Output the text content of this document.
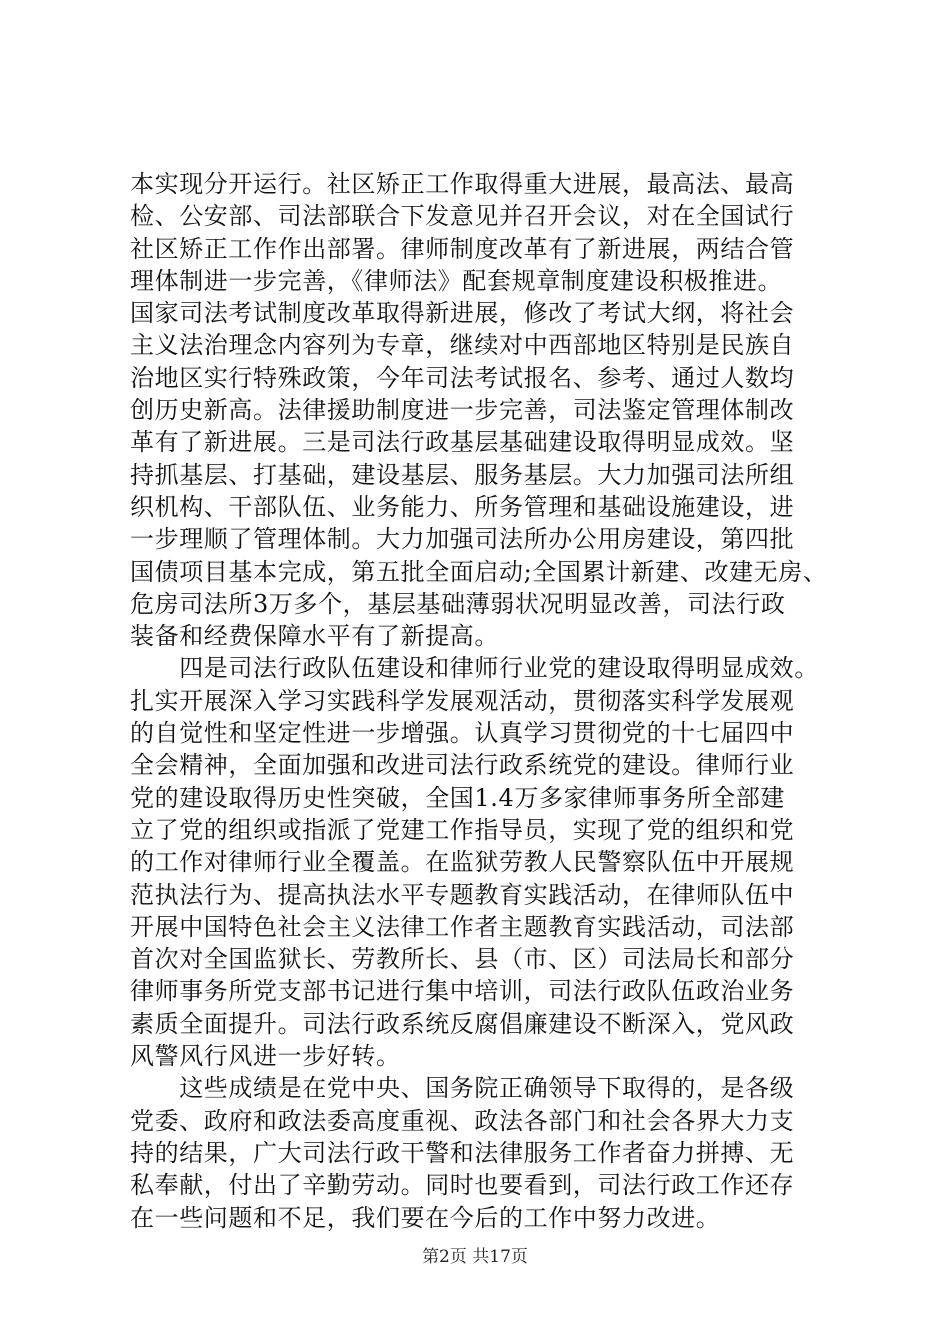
本实现分开运行。社区矫正工作取得重大进展，最高法、最高
检、公安部、司法部联合下发意见并召开会议，对在全国试行
社区矫正工作作出部署。律师制度改革有了新进展，两结合管
理体制进一步完善，《律师法》配套规章制度建设积极推进。
国家司法考试制度改革取得新进展，修改了考试大纲，将社会
主义法治理念内容列为专章，继续对中西部地区特别是民族自
治地区实行特殊政策，今年司法考试报名、参考、通过人数均
创历史新高。法律援助制度进一步完善，司法鉴定管理体制改
革有了新进展。三是司法行政基层基础建设取得明显成效。坚
持抓基层、打基础，建设基层、服务基层。大力加强司法所组
织机构、干部队伍、业务能力、所务管理和基础设施建设，进
一步理顺了管理体制。大力加强司法所办公用房建设，第四批
国债项目基本完成，第五批全面启动;全国累计新建、改建无房、
危房司法所3万多个，基层基础薄弱状况明显改善，司法行政
装备和经费保障水平有了新提高。
　　四是司法行政队伍建设和律师行业党的建设取得明显成效。
扎实开展深入学习实践科学发展观活动，贯彻落实科学发展观
的自觉性和坚定性进一步增强。认真学习贯彻党的十七届四中
全会精神，全面加强和改进司法行政系统党的建设。律师行业
党的建设取得历史性突破，全国1.4万多家律师事务所全部建
立了党的组织或指派了党建工作指导员，实现了党的组织和党
的工作对律师行业全覆盖。在监狱劳教人民警察队伍中开展规
范执法行为、提高执法水平专题教育实践活动，在律师队伍中
开展中国特色社会主义法律工作者主题教育实践活动，司法部
首次对全国监狱长、劳教所长、县（市、区）司法局长和部分
律师事务所党支部书记进行集中培训，司法行政队伍政治业务
素质全面提升。司法行政系统反腐倡廉建设不断深入，党风政
风警风行风进一步好转。
　　这些成绩是在党中央、国务院正确领导下取得的，是各级
党委、政府和政法委高度重视、政法各部门和社会各界大力支
持的结果，广大司法行政干警和法律服务工作者奋力拼搏、无
私奉献，付出了辛勤劳动。同时也要看到，司法行政工作还存
在一些问题和不足，我们要在今后的工作中努力改进。
第2页 共17页
